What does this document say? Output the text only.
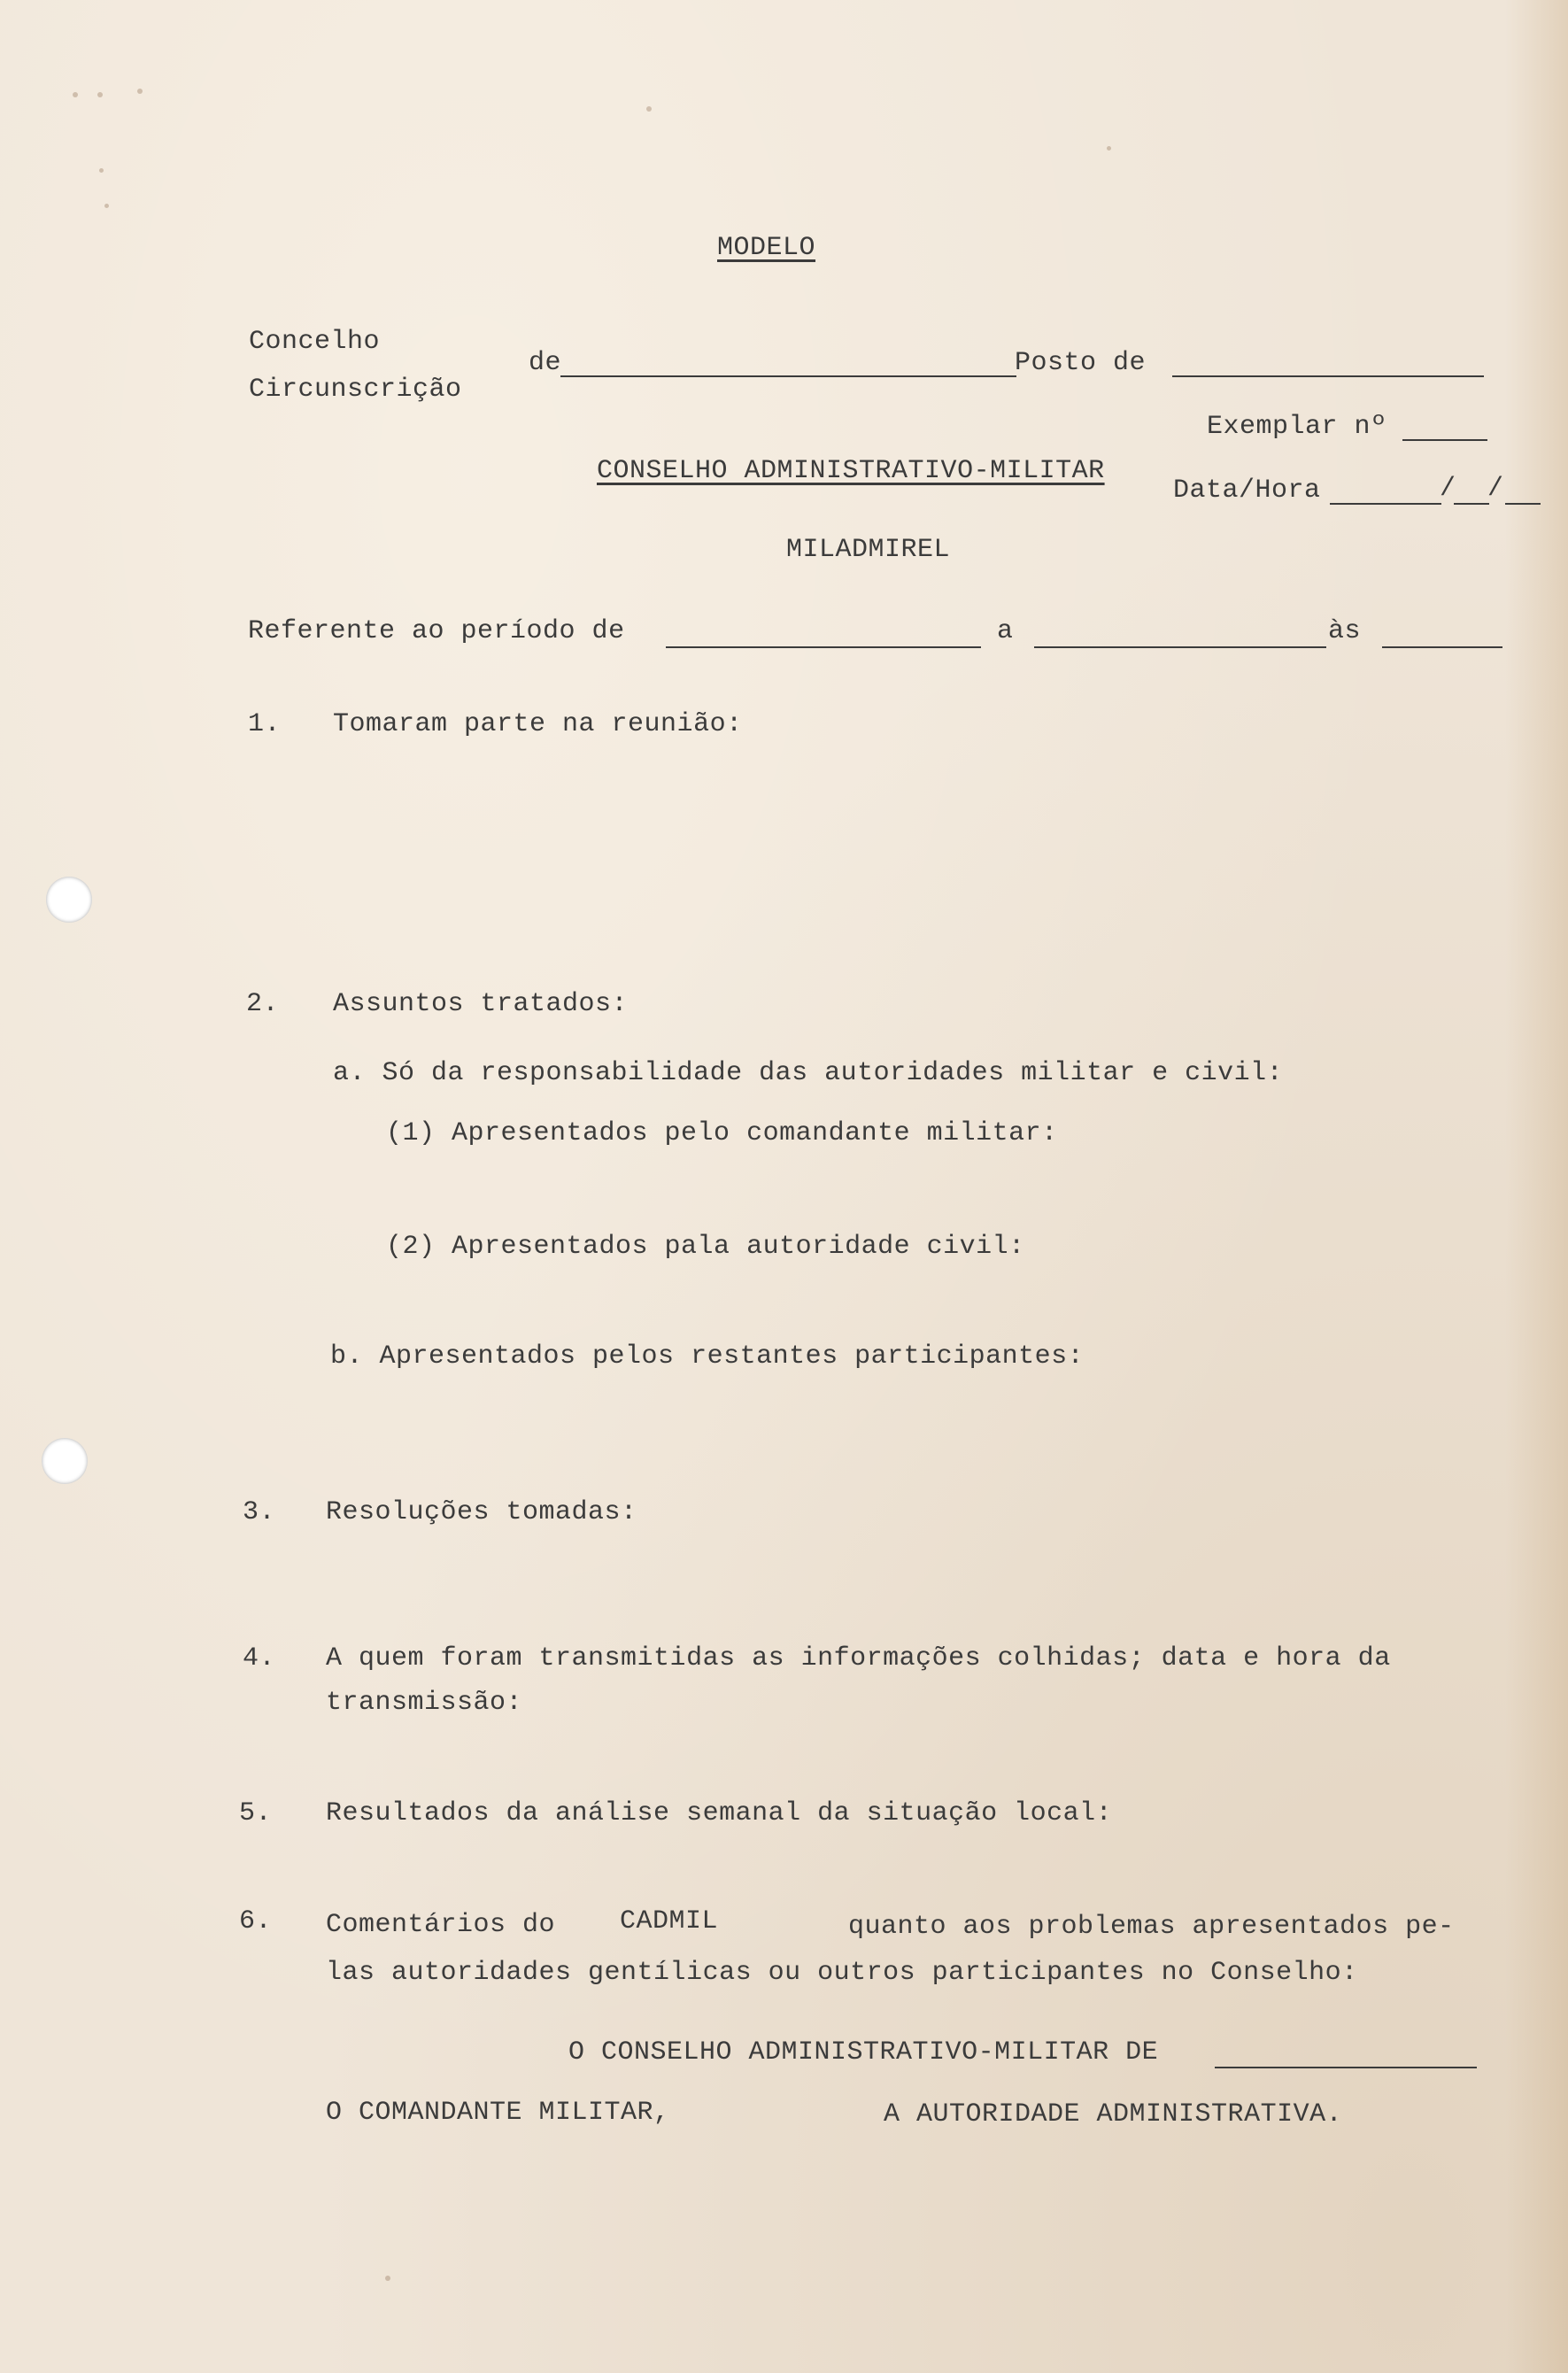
MODELO
Concelho
Circunscrição
de	Posto de
Exemplar nº
CONSELHO ADMINISTRATIVO-MILITAR
Data/Hora	/ /
MILADMIREL
Referente ao período de	a	às
1. Tomaram parte na reunião:
2. Assuntos tratados:
a. Só da responsabilidade das autoridades militar e civil:
(1) Apresentados pelo comandante militar:
(2) Apresentados pala autoridade civil:
b. Apresentados pelos restantes participantes:
3. Resoluções tomadas:
4. A quem foram transmitidas as informações colhidas; data e hora da
transmissão:
5. Resultados da análise semanal da situação local:
6. Comentários do CADMIL	quanto aos problemas apresentados pe-
las autoridades gentílicas ou outros participantes no Conselho:
O CONSELHO ADMINISTRATIVO-MILITAR DE
O COMANDANTE MILITAR,	A AUTORIDADE ADMINISTRATIVA.
